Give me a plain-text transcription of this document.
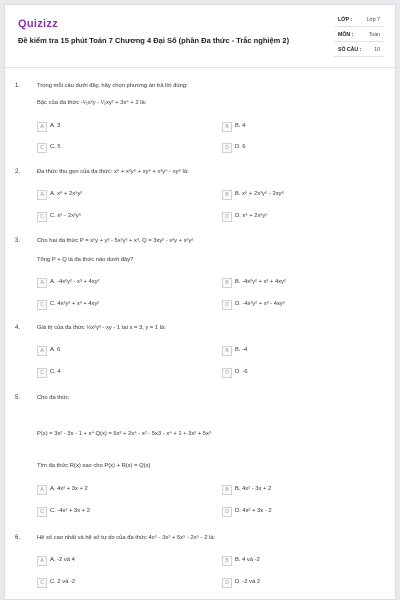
Quizizz
Đề kiểm tra 15 phút Toán 7 Chương 4 Đại Số (phần Đa thức - Trắc nghiệm 2)
LỚP :	Lớp 7
MÔN :	Toán
SỐ CÂU : 10
1.	Trong mỗi câu dưới đây, hãy chọn phương án trả lời đúng:
Bậc của đa thức -¹⁄₂x²y - ¹⁄₂xy² + 3x⁵ + 2 là:
A	A. 3	B	B. 4
C	C. 5	D	D. 6
2.	Đa thức thu gọn của đa thức: x⁶ + x²y⁵ + xy⁶ + x²y⁵ - xy⁶ là:
A	A. x⁶ + 2x⁵y²	B	B. x⁶ + 2x²y⁵ - 2xy⁶
C	C. x⁶ - 2x²y⁵	D	D. x⁶ + 2x²y⁵
3.	Cho hai đa thức P = x²y + y³ - 5x²y² + x³, Q = 3xy² - x²y + x²y²
Tổng P + Q là đa thức nào dưới đây?
A	A. -4x²y² - x³ + 4xy²	B	B. -4x²y² + x³ + 4xy²
C	C. 4x²y² + x³ + 4xy²	D	D. -4x²y² + x³ - 4xy²
4.	Giá trị của đa thức ½x²y³ - xy - 1 tại x = 3, y = 1 là:
A	A. 6	B	B. -4
C	C. 4	D	D. -6
5.	Cho đa thức
P(x) = 3x² - 3x - 1 + x⁴ Q(x) = 5x³ + 2x⁴ - x² - 5x3 - x⁴ + 1 + 3x² + 5x³
Tìm đa thức R(x) sao cho P(x) + R(x) = Q(x)
A	A. 4x² + 3x + 2	B	B. 4x² - 3x + 2
C	C. -4x² + 3x + 2	D	D. 4x² + 3x - 2
6.	Hệ số cao nhất và hệ số tự do của đa thức 4x⁵ - 3x² + 5x⁵ - 2x⁵ - 2 là:
A	A. -2 và 4	B	B. 4 và -2
C	C. 2 và -2	D	D. -2 và 2
